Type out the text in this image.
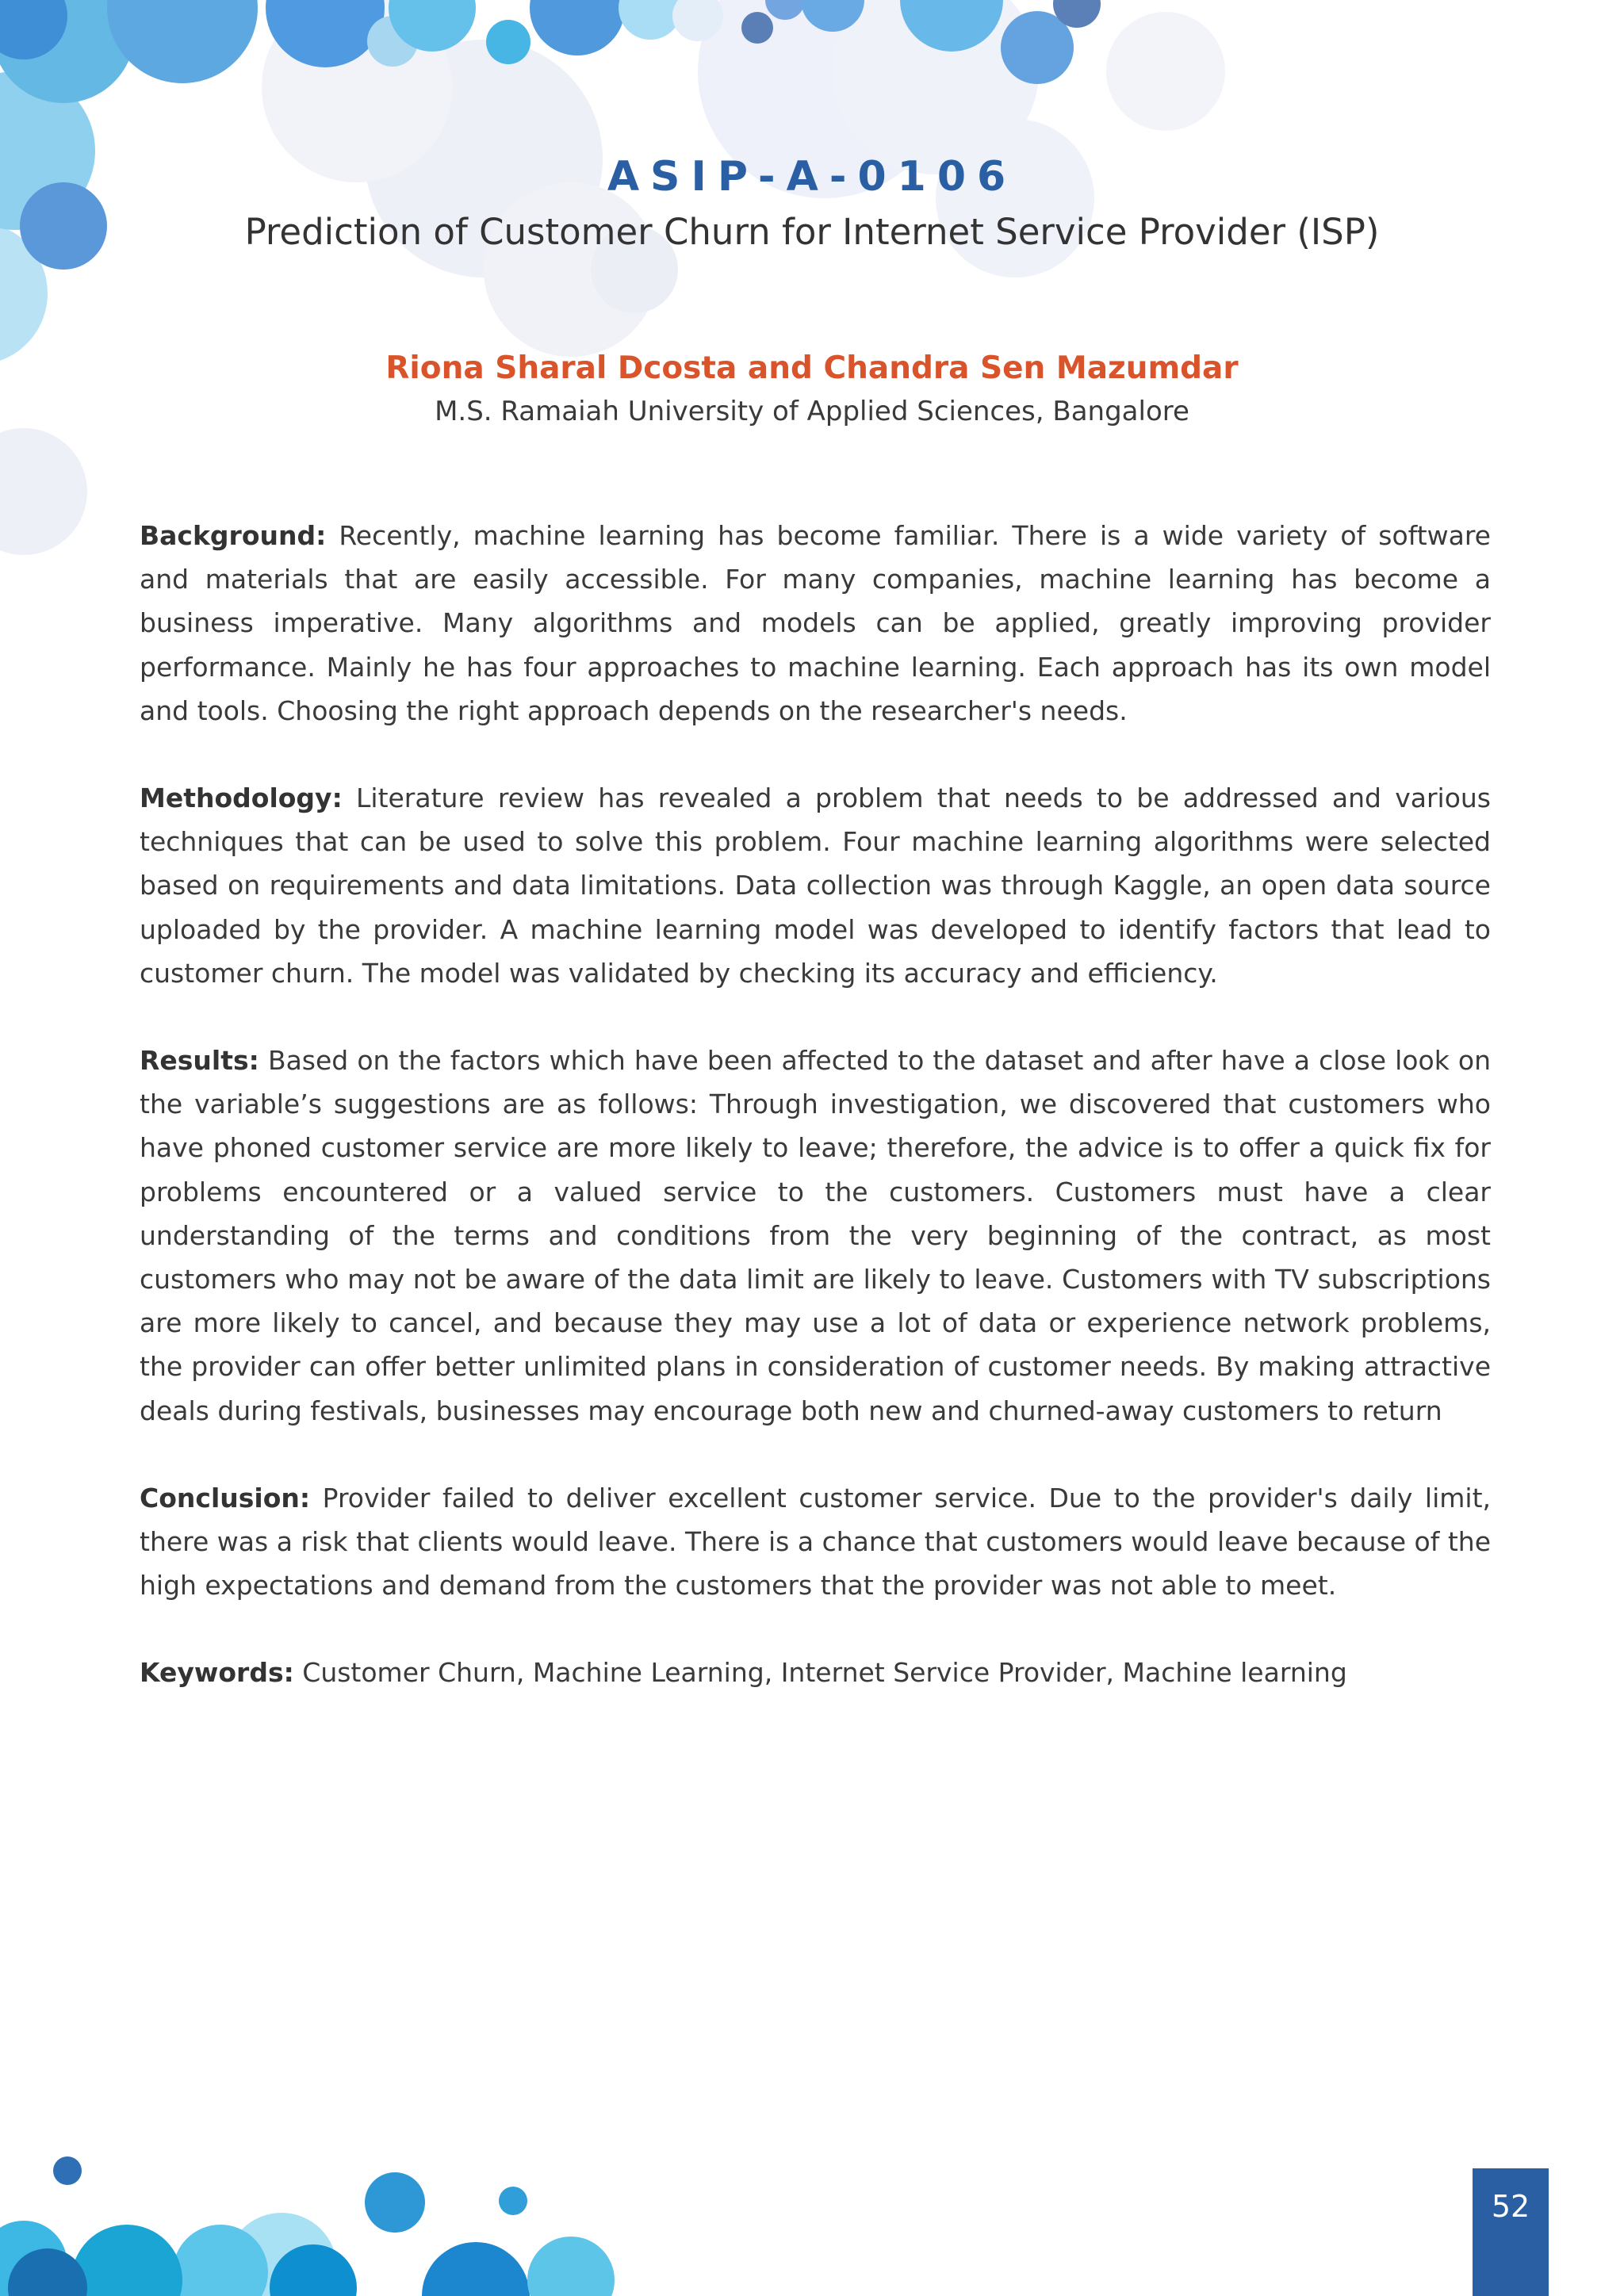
ASIP-A-0106

Prediction of Customer Churn for Internet Service Provider (ISP)

Riona Sharal Dcosta and Chandra Sen Mazumdar
M.S. Ramaiah University of Applied Sciences, Bangalore

Background: Recently, machine learning has become familiar. There is a wide variety of software and materials that are easily accessible. For many companies, machine learning has become a business imperative. Many algorithms and models can be applied, greatly improving provider performance. Mainly he has four approaches to machine learning. Each approach has its own model and tools. Choosing the right approach depends on the researcher's needs.

Methodology: Literature review has revealed a problem that needs to be addressed and various techniques that can be used to solve this problem. Four machine learning algorithms were selected based on requirements and data limitations. Data collection was through Kaggle, an open data source uploaded by the provider. A machine learning model was developed to identify factors that lead to customer churn. The model was validated by checking its accuracy and efficiency.

Results: Based on the factors which have been affected to the dataset and after have a close look on the variable’s suggestions are as follows: Through investigation, we discovered that customers who have phoned customer service are more likely to leave; therefore, the advice is to offer a quick fix for problems encountered or a valued service to the customers. Customers must have a clear understanding of the terms and conditions from the very beginning of the contract, as most customers who may not be aware of the data limit are likely to leave. Customers with TV subscriptions are more likely to cancel, and because they may use a lot of data or experience network problems, the provider can offer better unlimited plans in consideration of customer needs. By making attractive deals during festivals, businesses may encourage both new and churned-away customers to return

Conclusion: Provider failed to deliver excellent customer service. Due to the provider's daily limit, there was a risk that clients would leave. There is a chance that customers would leave because of the high expectations and demand from the customers that the provider was not able to meet.

Keywords: Customer Churn, Machine Learning, Internet Service Provider, Machine learning

52
